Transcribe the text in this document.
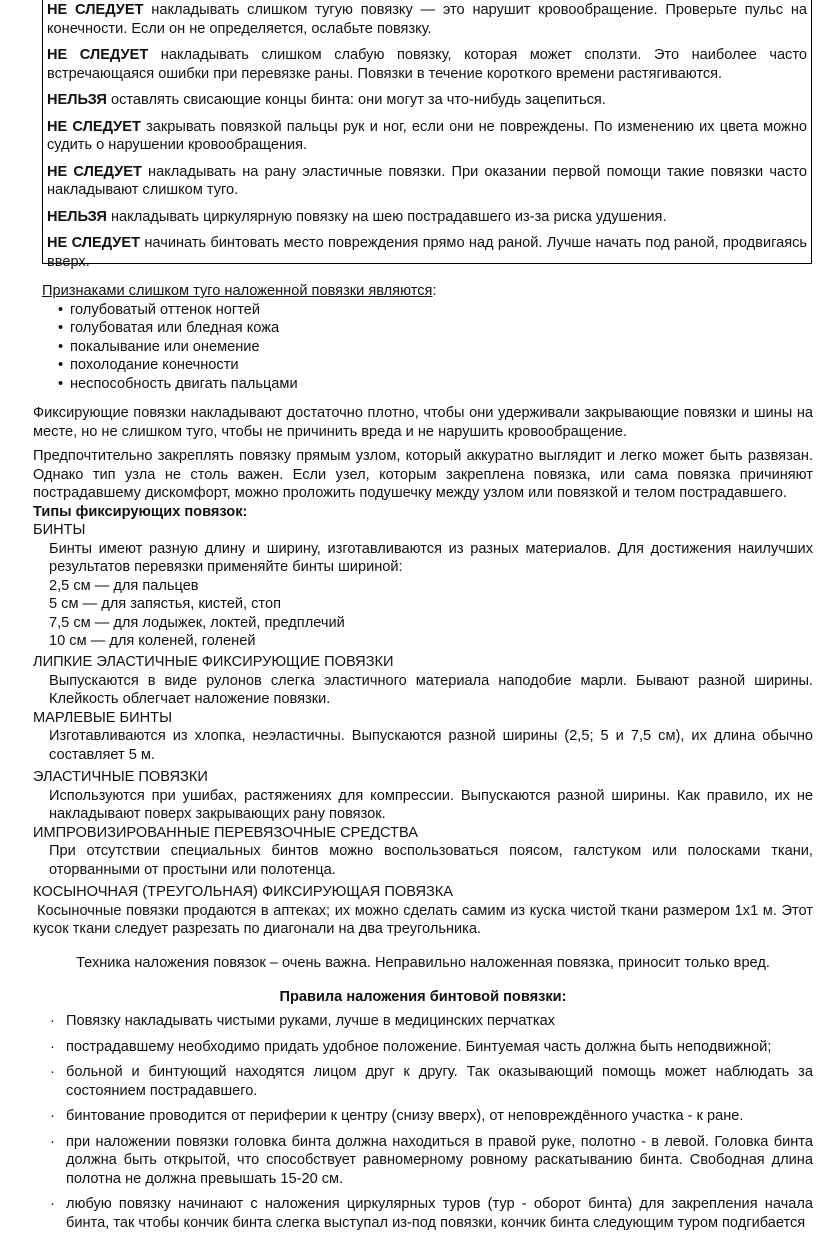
НЕ СЛЕДУЕТ накладывать слишком тугую повязку — это нарушит кровообращение. Проверьте пульс на конечности. Если он не определяется, ослабьте повязку.
НЕ СЛЕДУЕТ накладывать слишком слабую повязку, которая может сползти. Это наиболее часто встречающаяся ошибки при перевязке раны. Повязки в течение короткого времени растягиваются.
НЕЛЬЗЯ оставлять свисающие концы бинта: они могут за что-нибудь зацепиться.
НЕ СЛЕДУЕТ закрывать повязкой пальцы рук и ног, если они не повреждены. По изменению их цвета можно судить о нарушении кровообращения.
НЕ СЛЕДУЕТ накладывать на рану эластичные повязки. При оказании первой помощи такие повязки часто накладывают слишком туго.
НЕЛЬЗЯ накладывать циркулярную повязку на шею пострадавшего из-за риска удушения.
НЕ СЛЕДУЕТ начинать бинтовать место повреждения прямо над раной. Лучше начать под раной, продвигаясь вверх.
Признаками слишком туго наложенной повязки являются:
• голубоватый оттенок ногтей
• голубоватая или бледная кожа
• покалывание или онемение
• похолодание конечности
• неспособность двигать пальцами

Фиксирующие повязки накладывают достаточно плотно, чтобы они удерживали закрывающие повязки и шины на месте, но не слишком туго, чтобы не причинить вреда и не нарушить кровообращение.

Предпочтительно закреплять повязку прямым узлом, который аккуратно выглядит и легко может быть развязан. Однако тип узла не столь важен. Если узел, которым закреплена повязка, или сама повязка причиняют пострадавшему дискомфорт, можно проложить подушечку между узлом или повязкой и телом пострадавшего.

Типы фиксирующих повязок:

БИНТЫ
Бинты имеют разную длину и ширину, изготавливаются из разных материалов. Для достижения наилучших результатов перевязки применяйте бинты шириной:
2,5 см — для пальцев
5 см — для запястья, кистей, стоп
7,5 см — для лодыжек, локтей, предплечий
10 см — для коленей, голеней
ЛИПКИЕ ЭЛАСТИЧНЫЕ ФИКСИРУЮЩИЕ ПОВЯЗКИ
Выпускаются в виде рулонов слегка эластичного материала наподобие марли. Бывают разной ширины. Клейкость облегчает наложение повязки.
МАРЛЕВЫЕ БИНТЫ
Изготавливаются из хлопка, неэластичны. Выпускаются разной ширины (2,5; 5 и 7,5 см), их длина обычно составляет 5 м.
ЭЛАСТИЧНЫЕ ПОВЯЗКИ
Используются при ушибах, растяжениях для компрессии. Выпускаются разной ширины. Как правило, их не накладывают поверх закрывающих рану повязок.
ИМПРОВИЗИРОВАННЫЕ ПЕРЕВЯЗОЧНЫЕ СРЕДСТВА
При отсутствии специальных бинтов можно воспользоваться поясом, галстуком или полосками ткани, оторванными от простыни или полотенца.
КОСЫНОЧНАЯ (ТРЕУГОЛЬНАЯ) ФИКСИРУЮЩАЯ ПОВЯЗКА
Косыночные повязки продаются в аптеках; их можно сделать самим из куска чистой ткани размером 1х1 м. Этот кусок ткани следует разрезать по диагонали на два треугольника.
Техника наложения повязок – очень важна. Неправильно наложенная повязка, приносит только вред.
Правила наложения бинтовой повязки:
· Повязку накладывать чистыми руками, лучше в медицинских перчатках
· пострадавшему необходимо придать удобное положение. Бинтуемая часть должна быть неподвижной;
· больной и бинтующий находятся лицом друг к другу. Так оказывающий помощь может наблюдать за состоянием пострадавшего.
· бинтование проводится от периферии к центру (снизу вверх), от неповреждённого участка - к ране.
· при наложении повязки головка бинта должна находиться в правой руке, полотно - в левой. Головка бинта должна быть открытой, что способствует равномерному ровному раскатыванию бинта. Свободная длина полотна не должна превышать 15-20 см.
· любую повязку начинают с наложения циркулярных туров (тур - оборот бинта) для закрепления начала бинта, так чтобы кончик бинта слегка выступал из-под повязки, кончик бинта следующим туром подгибается
